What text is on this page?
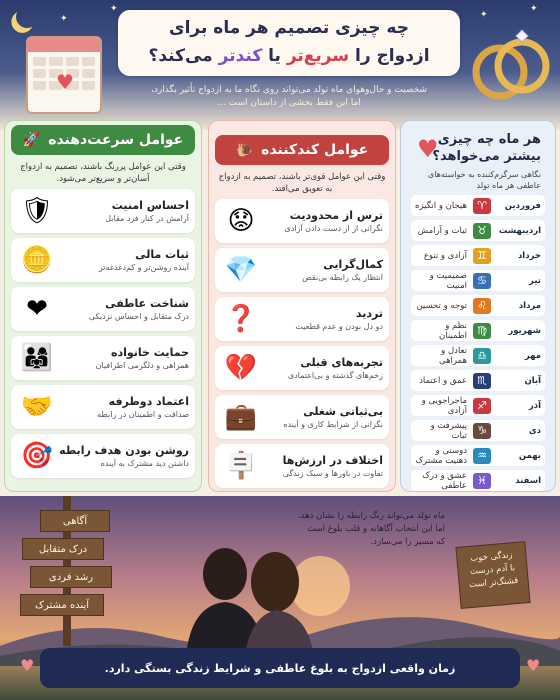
✦
✦
✦
✦
♥
چه چیزی تصمیم هر ماه برای
ازدواج را سریع‌تر یا کندتر می‌کند؟
شخصیت و حال‌وهوای ماه تولد می‌تواند روی نگاه ما به ازدواج تأثیر بگذارد،
اما این فقط بخشی از داستان است ...
عوامل سرعت‌دهنده
🚀
وقتی این عوامل پررنگ باشند، تصمیم به ازدواج آسان‌تر و سریع‌تر می‌شود.
احساس امنیت
آرامش در کنار فرد مقابل
🛡
ثبات مالی
آینده روشن‌تر و کم‌دغدغه‌تر
🪙
شناخت عاطفی
درک متقابل و احساس نزدیکی
❤
حمایت خانواده
همراهی و دلگرمی اطرافیان
👨‍👩‍👧
اعتماد دوطرفه
صداقت و اطمینان در رابطه
🤝
روشن بودن هدف رابطه
داشتن دید مشترک به آینده
🎯
عوامل کندکننده
🐌
وقتی این عوامل قوی‌تر باشند، تصمیم به ازدواج به تعویق می‌افتد.
ترس از محدودیت
نگرانی از از دست دادن آزادی
😟
کمال‌گرایی
انتظار یک رابطه بی‌نقص
💎
تردید
دو دل بودن و عدم قطعیت
❓
تجربه‌های قبلی
زخم‌های گذشته و بی‌اعتمادی
💔
بی‌ثباتی شغلی
نگرانی از شرایط کاری و آینده
💼
اختلاف در ارزش‌ها
تفاوت در باورها و سبک زندگی
🪧
هر ماه چه چیزی
بیشتر می‌خواهد؟
♥
نگاهی سرگرم‌کننده به خواسته‌های عاطفی هر ماه تولد
فروردین
♈
هیجان و انگیزه
اردیبهشت
♉
ثبات و آرامش
خرداد
♊
آزادی و تنوع
تیر
♋
صمیمیت و امنیت
مرداد
♌
توجه و تحسین
شهریور
♍
نظم و اطمینان
مهر
♎
تعادل و همراهی
آبان
♏
عمق و اعتماد
آذر
♐
ماجراجویی و آزادی
دی
♑
پیشرفت و ثبات
بهمن
♒
دوستی و ذهنیت مشترک
اسفند
♓
عشق و درک عاطفی
ماه تولد می‌تواند رنگ رابطه را نشان دهد،
اما این انتخاب آگاهانه و قلب بلوغ است
که مسیر را می‌سازد.
آگاهی
درک متقابل
رشد فردی
آینده مشترک
زندگی خوب
با آدم درست
قشنگ‌تر است
♥	♥
زمان واقعی ازدواج به بلوغ عاطفی و شرایط زندگی بستگی دارد.
